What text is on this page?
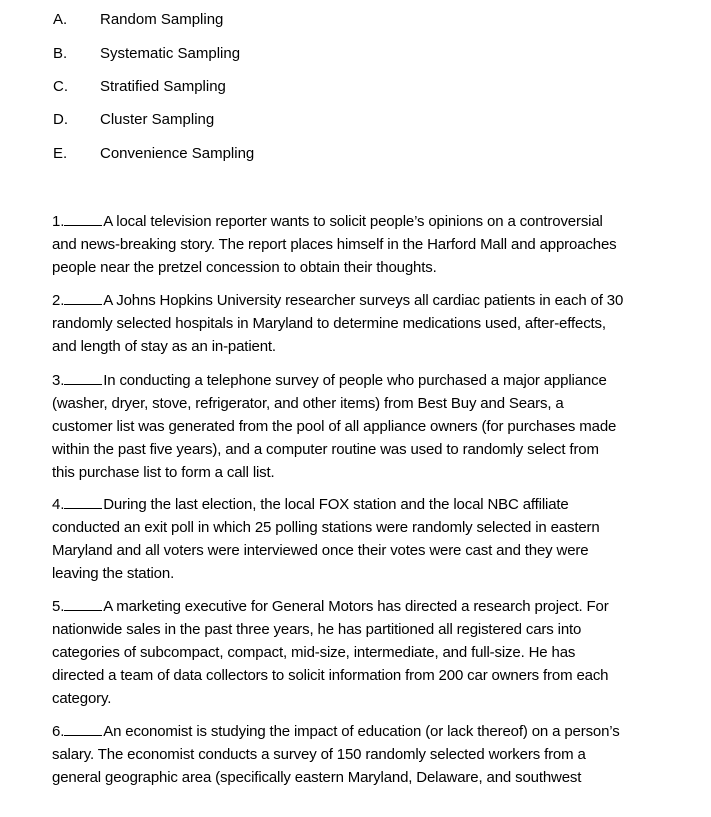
A. Random Sampling
B. Systematic Sampling
C. Stratified Sampling
D. Cluster Sampling
E. Convenience Sampling
1.	A local television reporter wants to solicit people’s opinions on a controversial
and news-breaking story. The report places himself in the Harford Mall and approaches
people near the pretzel concession to obtain their thoughts.
2.	A Johns Hopkins University researcher surveys all cardiac patients in each of 30
randomly selected hospitals in Maryland to determine medications used, after-effects,
and length of stay as an in-patient.
3.	In conducting a telephone survey of people who purchased a major appliance
(washer, dryer, stove, refrigerator, and other items) from Best Buy and Sears, a
customer list was generated from the pool of all appliance owners (for purchases made
within the past five years), and a computer routine was used to randomly select from
this purchase list to form a call list.
4.	During the last election, the local FOX station and the local NBC affiliate
conducted an exit poll in which 25 polling stations were randomly selected in eastern
Maryland and all voters were interviewed once their votes were cast and they were
leaving the station.
5.	A marketing executive for General Motors has directed a research project. For
nationwide sales in the past three years, he has partitioned all registered cars into
categories of subcompact, compact, mid-size, intermediate, and full-size. He has
directed a team of data collectors to solicit information from 200 car owners from each
category.
6.	An economist is studying the impact of education (or lack thereof) on a person’s
salary. The economist conducts a survey of 150 randomly selected workers from a
general geographic area (specifically eastern Maryland, Delaware, and southwest
